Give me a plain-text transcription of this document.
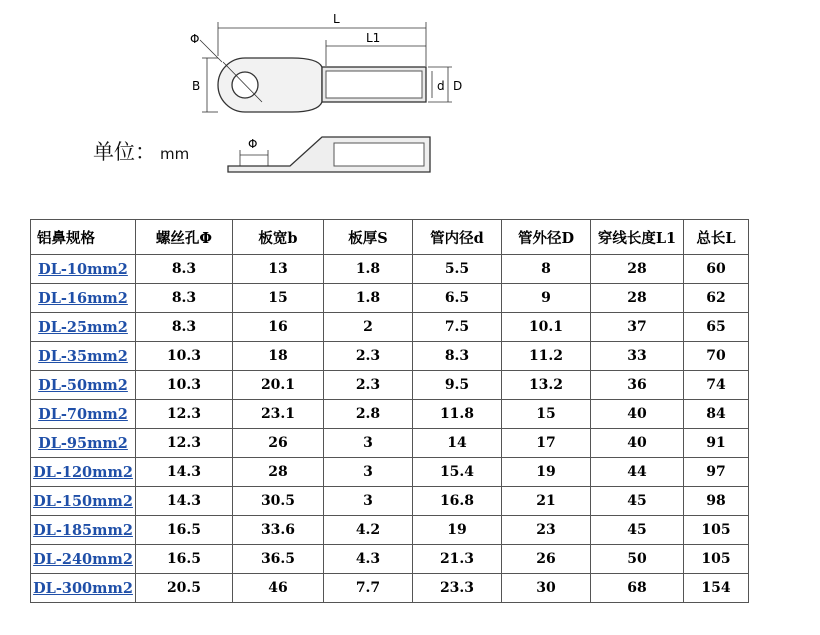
L
L1
Φ
B	d D
Φ
单位： mm
铝鼻规格	螺丝孔Φ	板宽b	板厚S	管内径d	管外径D	穿线长度L1	总长L
DL-10mm2	8.3	13	1.8	5.5	8	28	60
DL-16mm2	8.3	15	1.8	6.5	9	28	62
DL-25mm2	8.3	16	2	7.5	10.1	37	65
DL-35mm2	10.3	18	2.3	8.3	11.2	33	70
DL-50mm2	10.3	20.1	2.3	9.5	13.2	36	74
DL-70mm2	12.3	23.1	2.8	11.8	15	40	84
DL-95mm2	12.3	26	3	14	17	40	91
DL-120mm2	14.3	28	3	15.4	19	44	97
DL-150mm2	14.3	30.5	3	16.8	21	45	98
DL-185mm2	16.5	33.6	4.2	19	23	45	105
DL-240mm2	16.5	36.5	4.3	21.3	26	50	105
DL-300mm2	20.5	46	7.7	23.3	30	68	154
